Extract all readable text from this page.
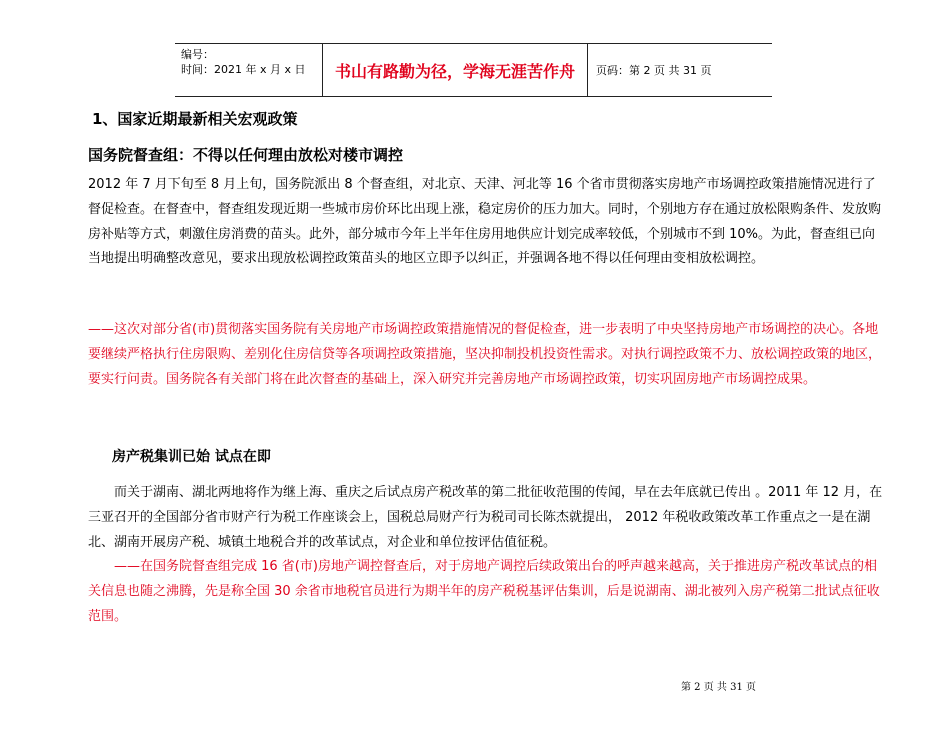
编号：
时间：2021 年 x 月 x 日	书山有路勤为径，学海无涯苦作舟	页码：第 2 页 共 31 页
1、国家近期最新相关宏观政策
国务院督查组：不得以任何理由放松对楼市调控

2012 年 7 月下旬至 8 月上旬，国务院派出 8 个督查组，对北京、天津、河北等 16 个省市贯彻落实房地产市场调控政策措施情况进行了督促检查。在督查中，督查组发现近期一些城市房价环比出现上涨，稳定房价的压力加大。同时，个别地方存在通过放松限购条件、发放购房补贴等方式，刺激住房消费的苗头。此外，部分城市今年上半年住房用地供应计划完成率较低，个别城市不到 10%。为此，督查组已向当地提出明确整改意见，要求出现放松调控政策苗头的地区立即予以纠正，并强调各地不得以任何理由变相放松调控。

——这次对部分省(市)贯彻落实国务院有关房地产市场调控政策措施情况的督促检查，进一步表明了中央坚持房地产市场调控的决心。各地要继续严格执行住房限购、差别化住房信贷等各项调控政策措施，坚决抑制投机投资性需求。对执行调控政策不力、放松调控政策的地区，要实行问责。国务院各有关部门将在此次督查的基础上，深入研究并完善房地产市场调控政策，切实巩固房地产市场调控成果。

房产税集训已始 试点在即

而关于湖南、湖北两地将作为继上海、重庆之后试点房产税改革的第二批征收范围的传闻，早在去年底就已传出 。2011 年 12 月，在三亚召开的全国部分省市财产行为税工作座谈会上，国税总局财产行为税司司长陈杰就提出， 2012 年税收政策改革工作重点之一是在湖北、湖南开展房产税、城镇土地税合并的改革试点，对企业和单位按评估值征税。

——在国务院督查组完成 16 省(市)房地产调控督查后，对于房地产调控后续政策出台的呼声越来越高，关于推进房产税改革试点的相关信息也随之沸腾，先是称全国 30 余省市地税官员进行为期半年的房产税税基评估集训，后是说湖南、湖北被列入房产税第二批试点征收范围。

第 2 页 共 31 页
